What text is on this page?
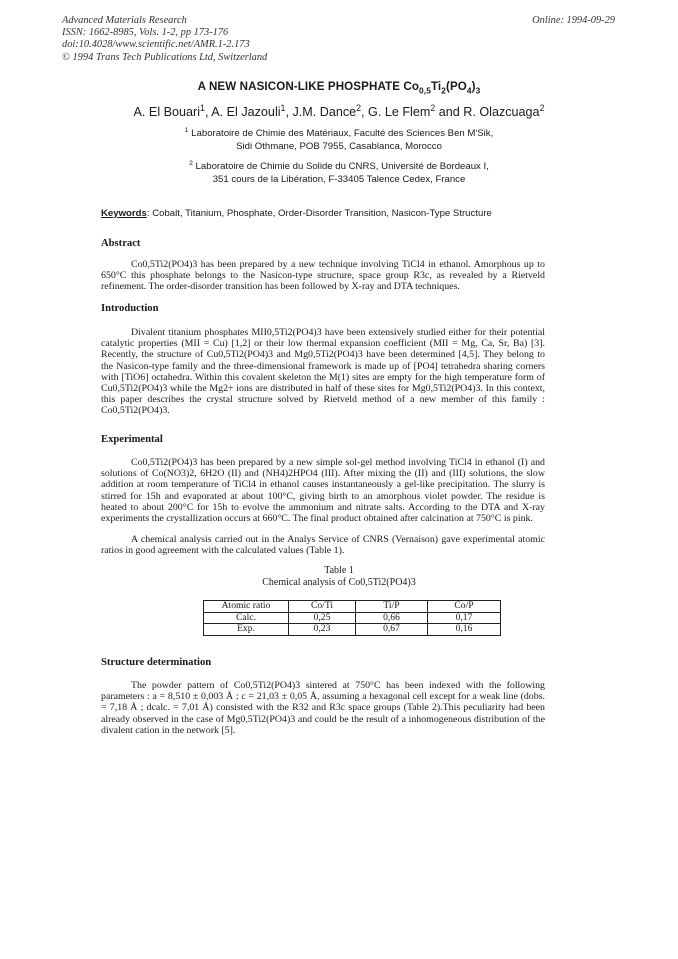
Advanced Materials Research
ISSN: 1662-8985, Vols. 1-2, pp 173-176
doi:10.4028/www.scientific.net/AMR.1-2.173
© 1994 Trans Tech Publications Ltd, Switzerland
Online: 1994-09-29
A NEW NASICON-LIKE PHOSPHATE $Co_{0,5}Ti_2(PO_4)_3$
A. El Bouari$^1$, A. El Jazouli$^1$, J.M. Dance$^2$, G. Le Flem$^2$ and R. Olazcuaga$^2$
$^1$ Laboratoire de Chimie des Matériaux, Faculté des Sciences Ben M'Sik,
Sidi Othmane, POB 7955, Casablanca, Morocco
$^2$ Laboratoire de Chimie du Solide du CNRS, Université de Bordeaux I,
351 cours de la Libération, F-33405 Talence Cedex, France
Keywords: Cobalt, Titanium, Phosphate, Order-Disorder Transition, Nasicon-Type Structure
Abstract

Co0,5Ti2(PO4)3 has been prepared by a new technique involving TiCl4 in ethanol. Amorphous up to 650°C this phosphate belongs to the Nasicon-type structure, space group R3c, as revealed by a Rietveld refinement. The order-disorder transition has been followed by X-ray and DTA techniques.

Introduction

Divalent titanium phosphates MII0,5Ti2(PO4)3 have been extensively studied either for their potential catalytic properties (MII = Cu) [1,2] or their low thermal expansion coefficient (MII = Mg, Ca, Sr, Ba) [3]. Recently, the structure of Cu0,5Ti2(PO4)3 and Mg0,5Ti2(PO4)3 have been determined [4,5]. They belong to the Nasicon-type family and the three-dimensional framework is made up of [PO4] tetrahedra sharing corners with [TiO6] octahedra. Within this covalent skeleton the M(1) sites are empty for the high temperature form of Cu0,5Ti2(PO4)3 while the Mg2+ ions are distributed in half of these sites for Mg0,5Ti2(PO4)3. In this context, this paper describes the crystal structure solved by Rietveld method of a new member of this family : Co0,5Ti2(PO4)3.

Experimental

Co0,5Ti2(PO4)3 has been prepared by a new simple sol-gel method involving TiCl4 in ethanol (I) and solutions of Co(NO3)2, 6H2O (II) and (NH4)2HPO4 (III). After mixing the (II) and (III) solutions, the slow addition at room temperature of TiCl4 in ethanol causes instantaneously a gel-like precipitation. The slurry is stirred for 15h and evaporated at about 100°C, giving birth to an amorphous violet powder. The residue is heated to about 200°C for 15h to evolve the ammonium and nitrate salts. According to the DTA and X-ray experiments the crystallization occurs at 660°C. The final product obtained after calcination at 750°C is pink.

A chemical analysis carried out in the Analys Service of CNRS (Vernaison) gave experimental atomic ratios in good agreement with the calculated values (Table 1).

Table 1
Chemical analysis of Co0,5Ti2(PO4)3
Atomic ratio	Co/Ti	Ti/P	Co/P
Calc.	0,25	0,66	0,17
Exp.	0,23	0,67	0,16
Structure determination

The powder pattern of Co0,5Ti2(PO4)3 sintered at 750°C has been indexed with the following parameters : a = 8,510 ± 0,003 Å ; c = 21,03 ± 0,05 Å, assuming a hexagonal cell except for a weak line (dobs. = 7,18 Å ; dcalc. = 7,01 Å) consisted with the R32 and R3c space groups (Table 2).This peculiarity had been already observed in the case of Mg0,5Ti2(PO4)3 and could be the result of a inhomogeneous distribution of the divalent cation in the network [5].
